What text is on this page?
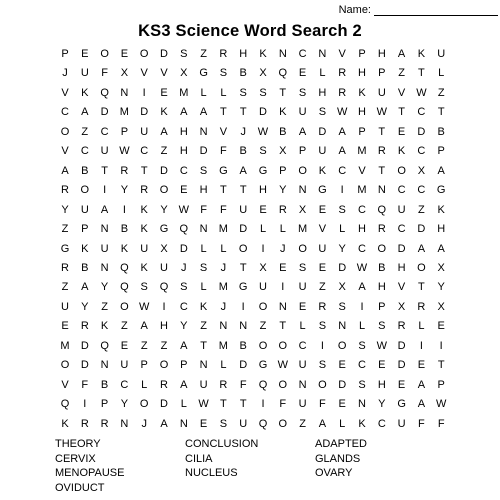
Name:
KS3 Science Word Search 2
P	E	O	E	O	D	S	Z	R	H	K	N	C	N	V	P	H	A	K	U
J	U	F	X	V	V	X	G	S	B	X	Q	E	L	R	H	P	Z	T	L
V	K	Q	N	I	E	M	L	L	S	S	T	S	H	R	K	U	V W	Z
C	A	D	M	D	K	A	A	T	T	D	K	U	S W H W	T	C	T
O	Z	C	P	U	A	H	N	V	J	W B	A	D	A	P	T	E	D	B
V	C	U W C	Z	H	D	F	B	S	X	P	U	A	M	R	K	C	P
A	B	T	R	T	D	C	S	G	A	G	P	O	K	C	V	T	O	X	A
R	O	I	Y	R	O	E	H	T	T	H	Y	N	G	I	M	N	C	C	G
Y	U	A	I	K	Y W	F	F	U	E	R	X	E	S	C	Q	U	Z	K
Z	P	N	B	K	G	Q	N	M	D	L	L	M	V	L	H	R	C	D	H
G	K	U	K	U	X	D	L	L	O	I	J	O	U	Y	C	O	D	A	A
R	B	N	Q	K	U	J	S	J	T	X	E	S	E	D W B	H	O	X
Z	A	Y	Q	S	Q	S	L	M G	U	I	U	Z	X	A	H	V	T	Y
U	Y	Z	O W	I	C	K	J	I	O	N	E	R	S	I	P	X	R	X
E	R	K	Z	A	H	Y	Z	N	N	Z	T	L	S	N	L	S	R	L	E
M	D	Q	E	Z	Z	A	T	M	B	O	O	C	I	O	S W D	I	I
O	D	N	U	P	O	P	N	L	D	G W U	S	E	C	E	D	E	T
V	F	B	C	L	R	A	U	R	F	Q	O	N	O	D	S	H	E	A	P
Q	I	P	Y	O	D	L	W	T	T	I	F	U	F	E	N	Y	G	A W
K	R	R	N	J	A	N	E	S	U	Q	O	Z	A	L	K	C	U	F	F
THEORY	CONCLUSION	ADAPTED
CERVIX	CILIA	GLANDS
MENOPAUSE	NUCLEUS	OVARY
OVIDUCT
